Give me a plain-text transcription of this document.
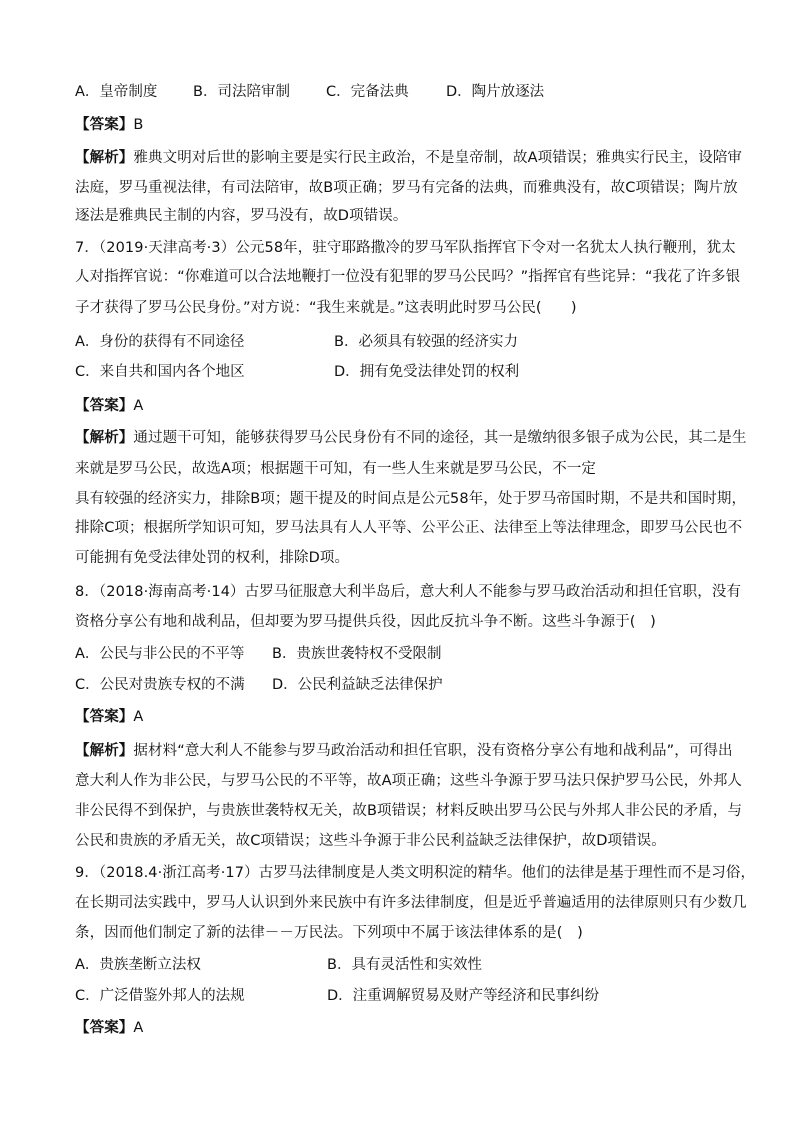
A．皇帝制度 B．司法陪审制 C．完备法典	D．陶片放逐法
【答案】B
【解析】雅典文明对后世的影响主要是实行民主政治，不是皇帝制，故A项错误；雅典实行民主，设陪审
法庭，罗马重视法律，有司法陪审，故B项正确；罗马有完备的法典，而雅典没有，故C项错误；陶片放
逐法是雅典民主制的内容，罗马没有，故D项错误。
7．（2019·天津高考·3）公元58年，驻守耶路撒冷的罗马军队指挥官下令对一名犹太人执行鞭刑，犹太
人对指挥官说：“你难道可以合法地鞭打一位没有犯罪的罗马公民吗？”指挥官有些诧异：“我花了许多银
子才获得了罗马公民身份。”对方说：“我生来就是。”这表明此时罗马公民(　　)
A．身份的获得有不同途径	B．必须具有较强的经济实力
C．来自共和国内各个地区	D．拥有免受法律处罚的权利
【答案】A
【解析】通过题干可知，能够获得罗马公民身份有不同的途径，其一是缴纳很多银子成为公民，其二是生
来就是罗马公民，故选A项；根据题干可知，有一些人生来就是罗马公民，不一定
具有较强的经济实力，排除B项；题干提及的时间点是公元58年，处于罗马帝国时期，不是共和国时期，
排除C项；根据所学知识可知，罗马法具有人人平等、公平公正、法律至上等法律理念，即罗马公民也不
可能拥有免受法律处罚的权利，排除D项。
8．（2018·海南高考·14）古罗马征服意大利半岛后，意大利人不能参与罗马政治活动和担任官职，没有
资格分享公有地和战利品，但却要为罗马提供兵役，因此反抗斗争不断。这些斗争源于(　)
A．公民与非公民的不平等 B．贵族世袭特权不受限制
C．公民对贵族专权的不满 D．公民利益缺乏法律保护
【答案】A
【解析】据材料“意大利人不能参与罗马政治活动和担任官职，没有资格分享公有地和战利品”，可得出
意大利人作为非公民，与罗马公民的不平等，故A项正确；这些斗争源于罗马法只保护罗马公民，外邦人
非公民得不到保护，与贵族世袭特权无关，故B项错误；材料反映出罗马公民与外邦人非公民的矛盾，与
公民和贵族的矛盾无关，故C项错误；这些斗争源于非公民利益缺乏法律保护，故D项错误。
9．（2018.4·浙江高考·17）古罗马法律制度是人类文明积淀的精华。他们的法律是基于理性而不是习俗，
在长期司法实践中，罗马人认识到外来民族中有许多法律制度，但是近乎普遍适用的法律原则只有少数几
条，因而他们制定了新的法律－－万民法。下列项中不属于该法律体系的是(　)
A．贵族垄断立法权	B．具有灵活性和实效性
C．广泛借鉴外邦人的法规	D．注重调解贸易及财产等经济和民事纠纷
【答案】A
